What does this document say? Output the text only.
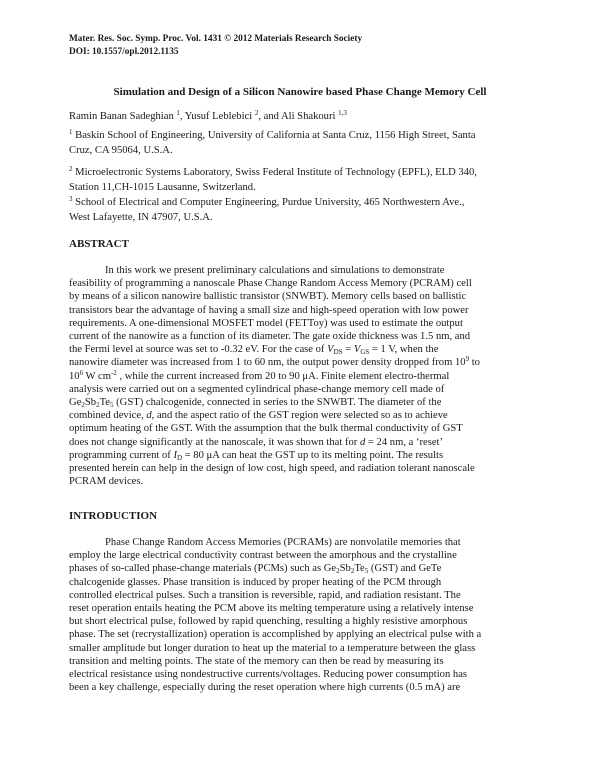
Mater. Res. Soc. Symp. Proc. Vol. 1431 © 2012 Materials Research Society
DOI: 10.1557/opl.2012.1135
Simulation and Design of a Silicon Nanowire based Phase Change Memory Cell
Ramin Banan Sadeghian $^1$, Yusuf Leblebici $^2$, and Ali Shakouri $^{1,3}$
$^1$ Baskin School of Engineering, University of California at Santa Cruz, 1156 High Street, Santa
Cruz, CA 95064, U.S.A.
$^2$ Microelectronic Systems Laboratory, Swiss Federal Institute of Technology (EPFL), ELD 340,
Station 11,CH-1015 Lausanne, Switzerland.
$^3$ School of Electrical and Computer Engineering, Purdue University, 465 Northwestern Ave.,
West Lafayette, IN 47907, U.S.A.
ABSTRACT
In this work we present preliminary calculations and simulations to demonstrate
feasibility of programming a nanoscale Phase Change Random Access Memory (PCRAM) cell
by means of a silicon nanowire ballistic transistor (SNWBT). Memory cells based on ballistic
transistors bear the advantage of having a small size and high-speed operation with low power
requirements. A one-dimensional MOSFET model (FETToy) was used to estimate the output
current of the nanowire as a function of its diameter. The gate oxide thickness was 1.5 nm, and
the Fermi level at source was set to -0.32 eV. For the case of $V_{DS} = V_{GS} = 1$ V, when the
nanowire diameter was increased from 1 to 60 nm, the output power density dropped from $10^9$ to
$10^6$ W $cm^{-2}$ , while the current increased from 20 to 90 μA. Finite element electro-thermal
analysis were carried out on a segmented cylindrical phase-change memory cell made of
$Ge_2Sb_2Te_5$ (GST) chalcogenide, connected in series to the SNWBT. The diameter of the
combined device, d, and the aspect ratio of the GST region were selected so as to achieve
optimum heating of the GST. With the assumption that the bulk thermal conductivity of GST
does not change significantly at the nanoscale, it was shown that for d = 24 nm, a ‘reset’
programming current of $I_D = 80$ μA can heat the GST up to its melting point. The results
presented herein can help in the design of low cost, high speed, and radiation tolerant nanoscale
PCRAM devices.
INTRODUCTION
Phase Change Random Access Memories (PCRAMs) are nonvolatile memories that
employ the large electrical conductivity contrast between the amorphous and the crystalline
phases of so-called phase-change materials (PCMs) such as $Ge_2Sb_2Te_5$ (GST) and GeTe
chalcogenide glasses. Phase transition is induced by proper heating of the PCM through
controlled electrical pulses. Such a transition is reversible, rapid, and radiation resistant. The
reset operation entails heating the PCM above its melting temperature using a relatively intense
but short electrical pulse, followed by rapid quenching, resulting a highly resistive amorphous
phase. The set (recrystallization) operation is accomplished by applying an electrical pulse with a
smaller amplitude but longer duration to heat up the material to a temperature between the glass
transition and melting points. The state of the memory can then be read by measuring its
electrical resistance using nondestructive currents/voltages. Reducing power consumption has
been a key challenge, especially during the reset operation where high currents (0.5 mA) are
